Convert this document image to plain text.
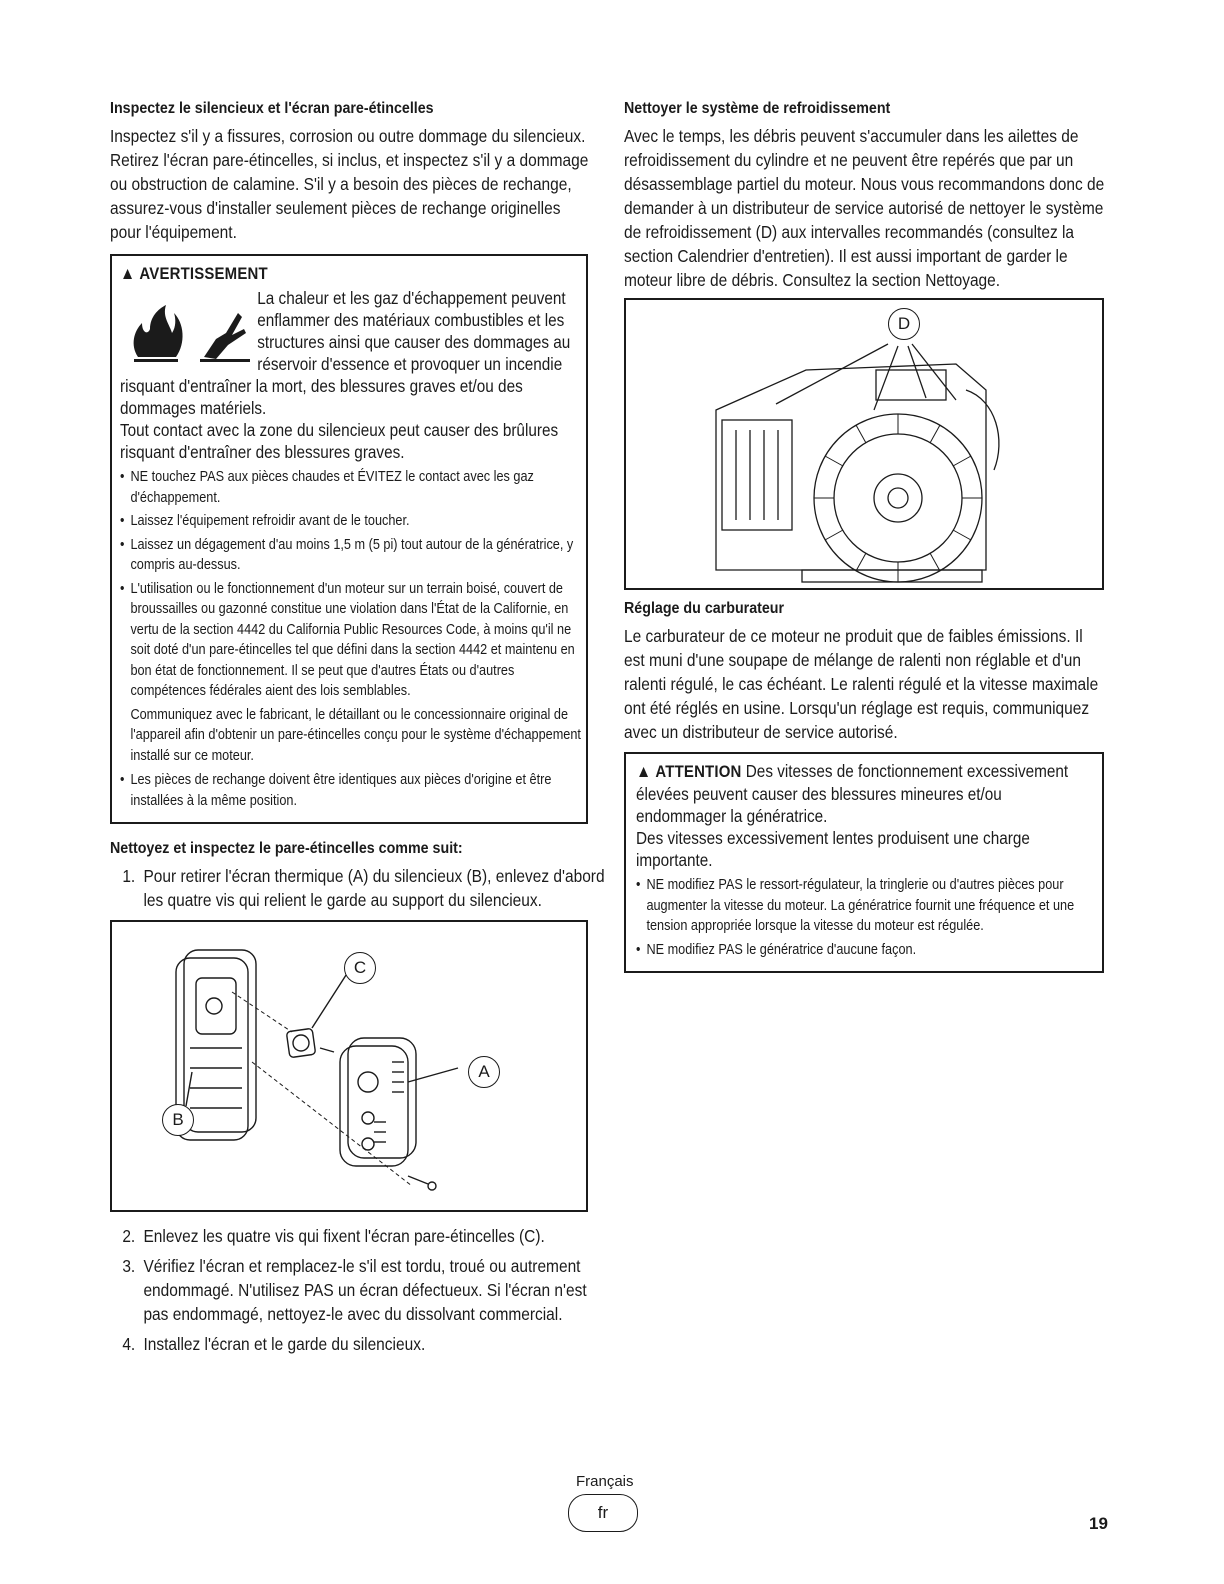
Inspectez le silencieux et l'écran pare-étincelles

Inspectez s'il y a fissures, corrosion ou outre dommage du silencieux. Retirez l'écran pare-étincelles, si inclus, et inspectez s'il y a dommage ou obstruction de calamine. S'il y a besoin des pièces de rechange, assurez-vous d'installer seulement pièces de rechange originelles pour l'équipement.

▲ AVERTISSEMENT
La chaleur et les gaz d'échappement peuvent enflammer des matériaux combustibles et les structures ainsi que causer des dommages au réservoir d'essence et provoquer un incendie risquant d'entraîner la mort, des blessures graves et/ou des dommages matériels.
Tout contact avec la zone du silencieux peut causer des brûlures risquant d'entraîner des blessures graves.
• NE touchez PAS aux pièces chaudes et ÉVITEZ le contact avec les gaz d'échappement.
• Laissez l'équipement refroidir avant de le toucher.
• Laissez un dégagement d'au moins 1,5 m (5 pi) tout autour de la génératrice, y compris au-dessus.
• L'utilisation ou le fonctionnement d'un moteur sur un terrain boisé, couvert de broussailles ou gazonné constitue une violation dans l'État de la Californie, en vertu de la section 4442 du California Public Resources Code, à moins qu'il ne soit doté d'un pare-étincelles tel que défini dans la section 4442 et maintenu en bon état de fonctionnement. Il se peut que d'autres États ou d'autres compétences fédérales aient des lois semblables.
Communiquez avec le fabricant, le détaillant ou le concessionnaire original de l'appareil afin d'obtenir un pare-étincelles conçu pour le système d'échappement installé sur ce moteur.
• Les pièces de rechange doivent être identiques aux pièces d'origine et être installées à la même position.
Nettoyez et inspectez le pare-étincelles comme suit:
1. Pour retirer l'écran thermique (A) du silencieux (B), enlevez d'abord les quatre vis qui relient le garde au support du silencieux.
C
A
B
2. Enlevez les quatre vis qui fixent l'écran pare-étincelles (C).
3. Vérifiez l'écran et remplacez-le s'il est tordu, troué ou autrement endommagé. N'utilisez PAS un écran défectueux. Si l'écran n'est pas endommagé, nettoyez-le avec du dissolvant commercial.
4. Installez l'écran et le garde du silencieux.
Nettoyer le système de refroidissement

Avec le temps, les débris peuvent s'accumuler dans les ailettes de refroidissement du cylindre et ne peuvent être repérés que par un désassemblage partiel du moteur. Nous vous recommandons donc de demander à un distributeur de service autorisé de nettoyer le système de refroidissement (D) aux intervalles recommandés (consultez la section Calendrier d'entretien). Il est aussi important de garder le moteur libre de débris. Consultez la section Nettoyage.

D
Réglage du carburateur

Le carburateur de ce moteur ne produit que de faibles émissions. Il est muni d'une soupape de mélange de ralenti non réglable et d'un ralenti régulé, le cas échéant. Le ralenti régulé et la vitesse maximale ont été réglés en usine. Lorsqu'un réglage est requis, communiquez avec un distributeur de service autorisé.

▲ ATTENTION Des vitesses de fonctionnement excessivement élevées peuvent causer des blessures mineures et/ou endommager la génératrice.
Des vitesses excessivement lentes produisent une charge importante.
• NE modifiez PAS le ressort-régulateur, la tringlerie ou d'autres pièces pour augmenter la vitesse du moteur. La génératrice fournit une fréquence et une tension appropriée lorsque la vitesse du moteur est régulée.
• NE modifiez PAS le génératrice d'aucune façon.
Français
fr
19
